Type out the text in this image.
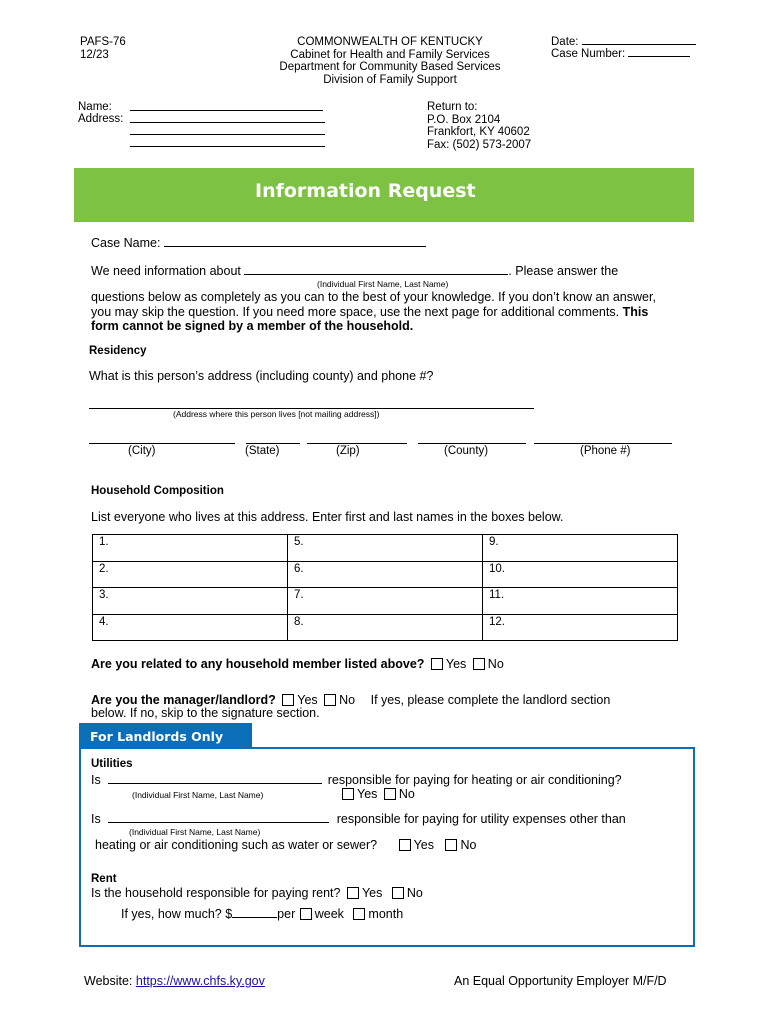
PAFS-76
12/23
COMMONWEALTH OF KENTUCKY
Cabinet for Health and Family Services
Department for Community Based Services
Division of Family Support
Date:
Case Number:
Name:
Address:
Return to:
P.O. Box 2104
Frankfort, KY 40602
Fax: (502) 573-2007
Information Request
Case Name:
We need information about	. Please answer the
(Individual First Name, Last Name)
questions below as completely as you can to the best of your knowledge. If you don’t know an answer, you may skip the question. If you need more space, use the next page for additional comments. This form cannot be signed by a member of the household.
Residency
What is this person’s address (including county) and phone #?
(Address where this person lives [not mailing address])
(City)	(State)	(Zip)	(County)	(Phone #)
Household Composition
List everyone who lives at this address. Enter first and last names in the boxes below.
1.	5.	9.
2.	6.	10.
3.	7.	11.
4.	8.	12.
Are you related to any household member listed above? Yes No
Are you the manager/landlord? Yes No If yes, please complete the landlord section
below. If no, skip to the signature section.
For Landlords Only
Utilities
Is	responsible for paying for heating or air conditioning?
(Individual First Name, Last Name)	Yes No
Is	responsible for paying for utility expenses other than
(Individual First Name, Last Name)
heating or air conditioning such as water or sewer?	Yes No
Rent
Is the household responsible for paying rent? Yes No
If yes, how much? $	per week month
Website: https://www.chfs.ky.gov	An Equal Opportunity Employer M/F/D
